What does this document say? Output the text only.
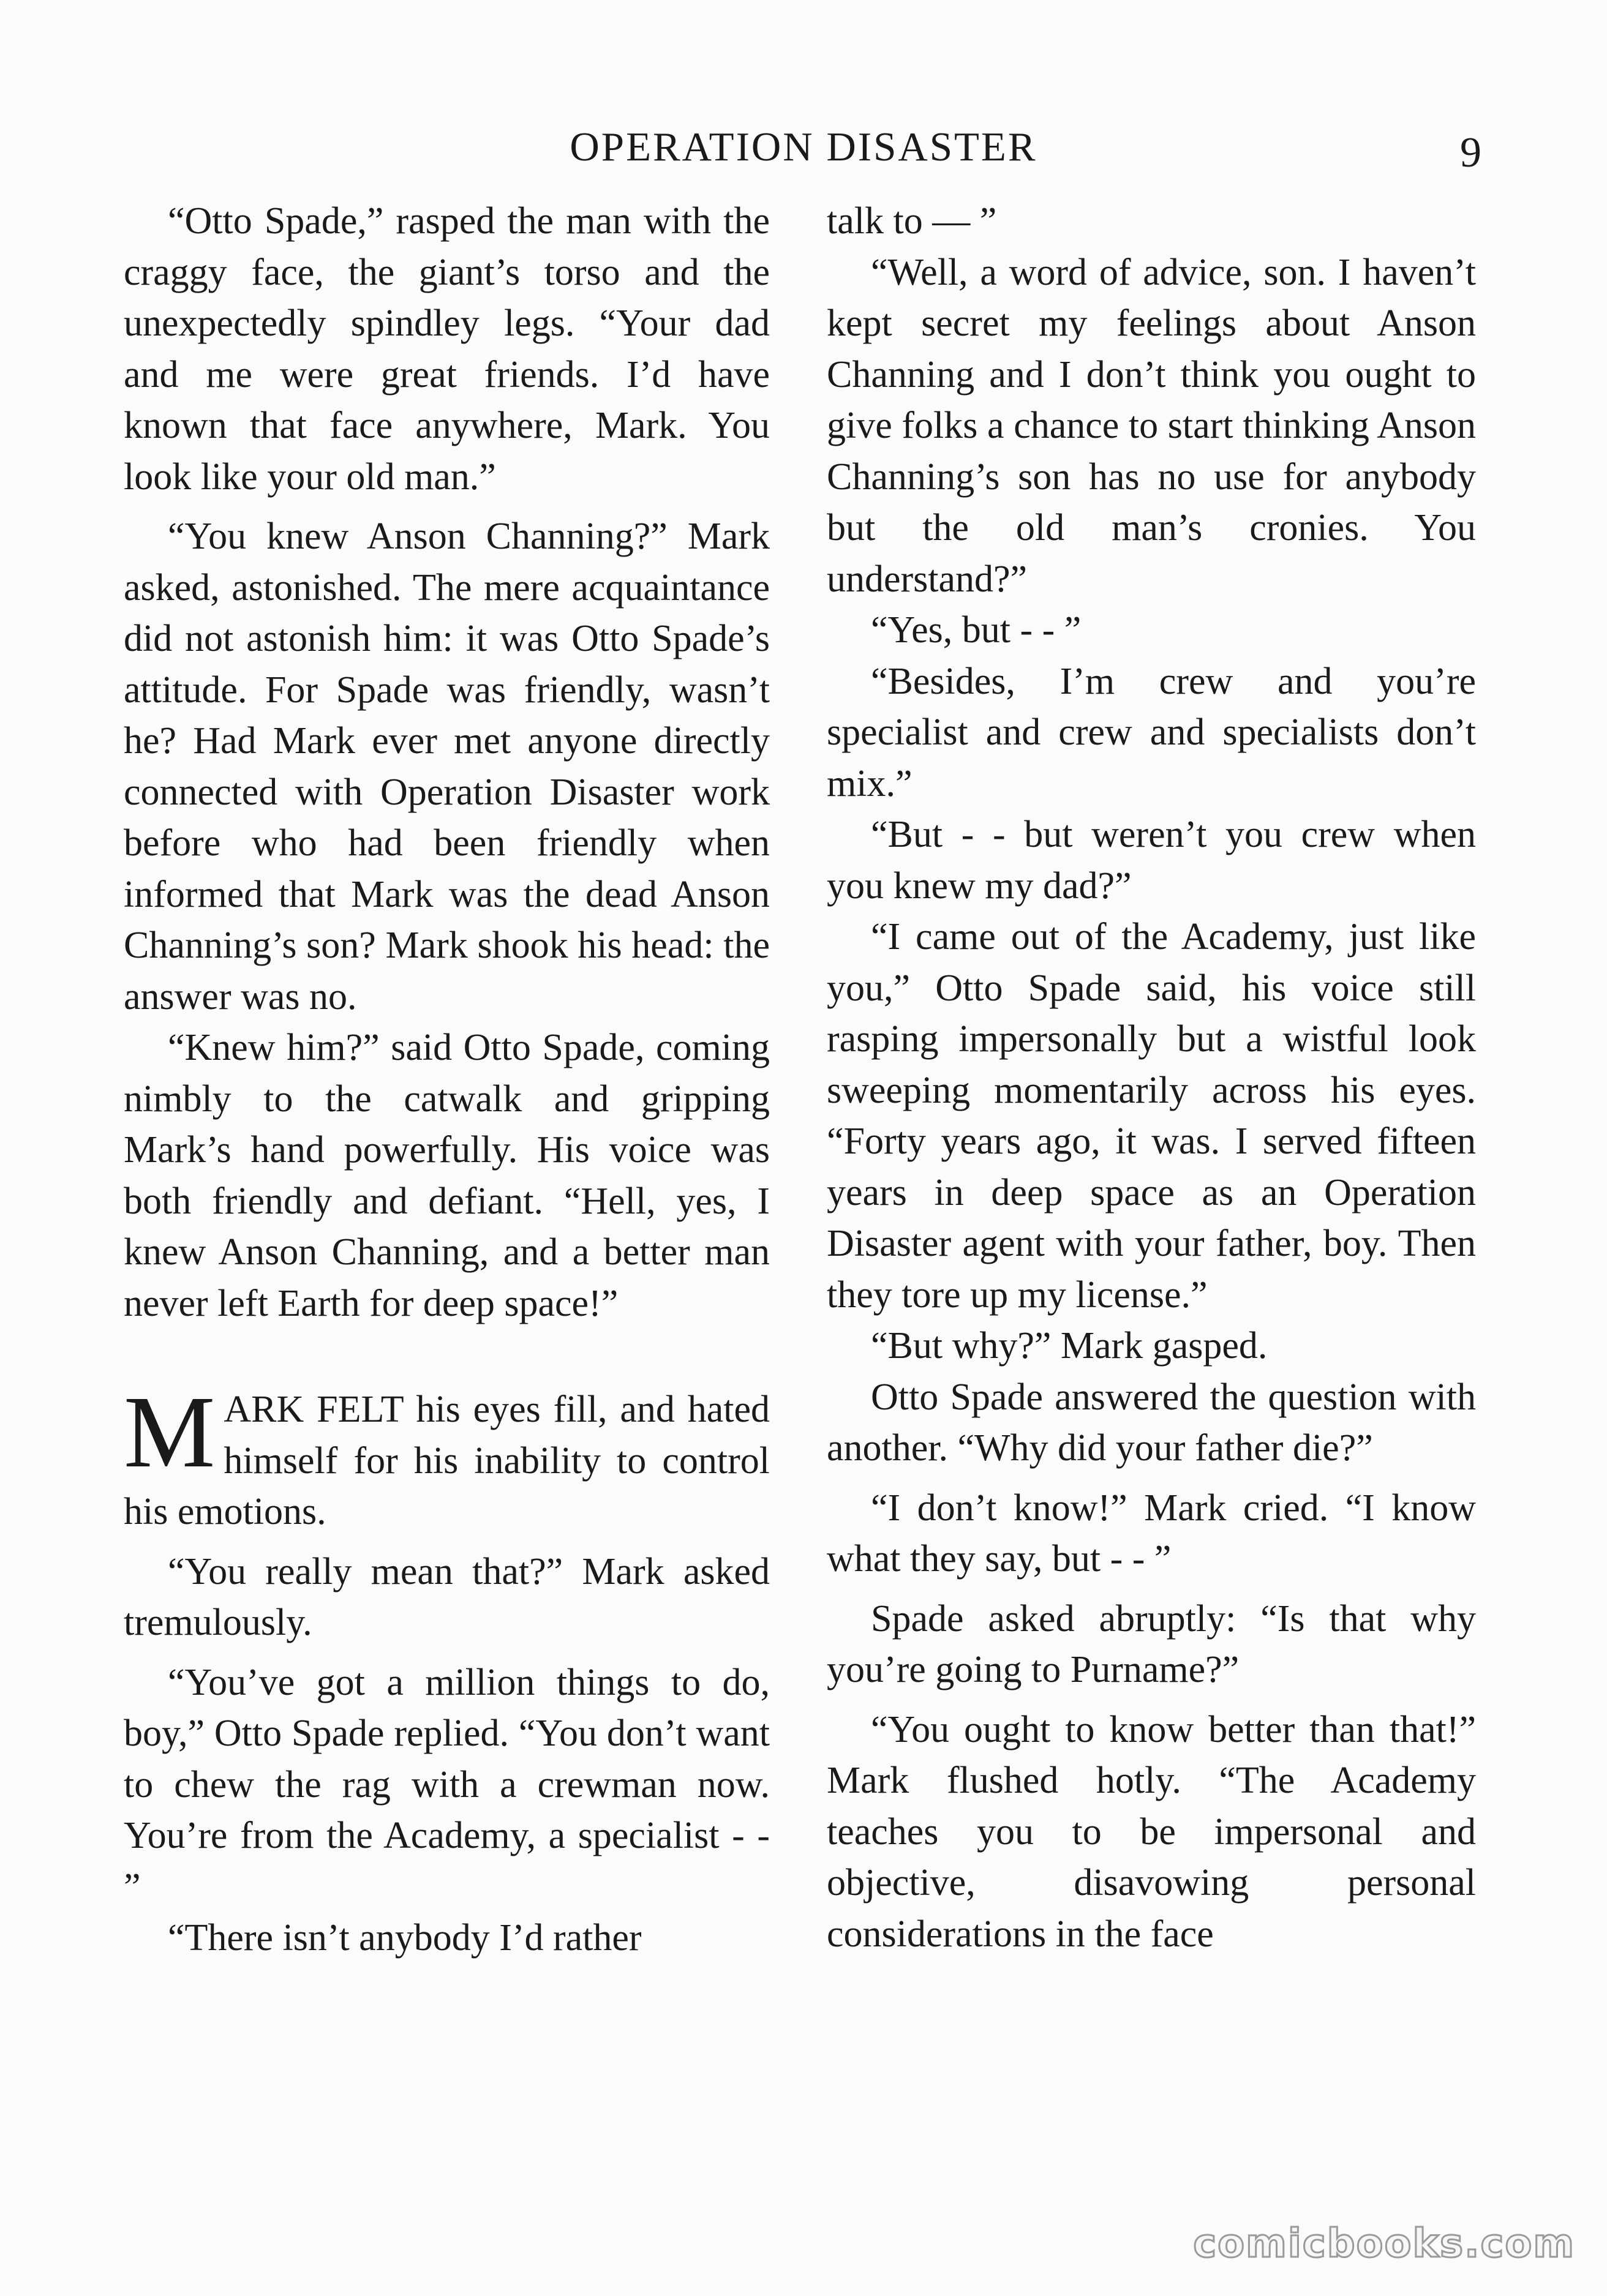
OPERATION DISASTER	9

“Otto Spade,” rasped the man with the craggy face, the giant’s torso and the unexpectedly spindley legs. “Your dad and me were great friends. I’d have known that face anywhere, Mark. You look like your old man.”

“You knew Anson Channing?” Mark asked, astonished. The mere acquaintance did not astonish him: it was Otto Spade’s attitude. For Spade was friendly, wasn’t he? Had Mark ever met anyone directly connected with Operation Disaster work before who had been friendly when informed that Mark was the dead Anson Channing’s son? Mark shook his head: the answer was no.

“Knew him?” said Otto Spade, coming nimbly to the catwalk and gripping Mark’s hand powerfully. His voice was both friendly and defiant. “Hell, yes, I knew Anson Channing, and a better man never left Earth for deep space!”

MARK FELT his eyes fill, and hated himself for his inability to control his emotions.

“You really mean that?” Mark asked tremulously.

“You’ve got a million things to do, boy,” Otto Spade replied. “You don’t want to chew the rag with a crewman now. You’re from the Academy, a specialist - - ”

“There isn’t anybody I’d rather

talk to — ”

“Well, a word of advice, son. I haven’t kept secret my feelings about Anson Channing and I don’t think you ought to give folks a chance to start thinking Anson Channing’s son has no use for anybody but the old man’s cronies. You understand?”

“Yes, but - - ”

“Besides, I’m crew and you’re specialist and crew and specialists don’t mix.”

“But - - but weren’t you crew when you knew my dad?”

“I came out of the Academy, just like you,” Otto Spade said, his voice still rasping impersonally but a wistful look sweeping momentarily across his eyes. “Forty years ago, it was. I served fifteen years in deep space as an Operation Disaster agent with your father, boy. Then they tore up my license.”

“But why?” Mark gasped.

Otto Spade answered the question with another. “Why did your father die?”

“I don’t know!” Mark cried. “I know what they say, but - - ”

Spade asked abruptly: “Is that why you’re going to Purname?”

“You ought to know better than that!” Mark flushed hotly. “The Academy teaches you to be impersonal and objective, disavowing personal considerations in the face

comicbooks.com
